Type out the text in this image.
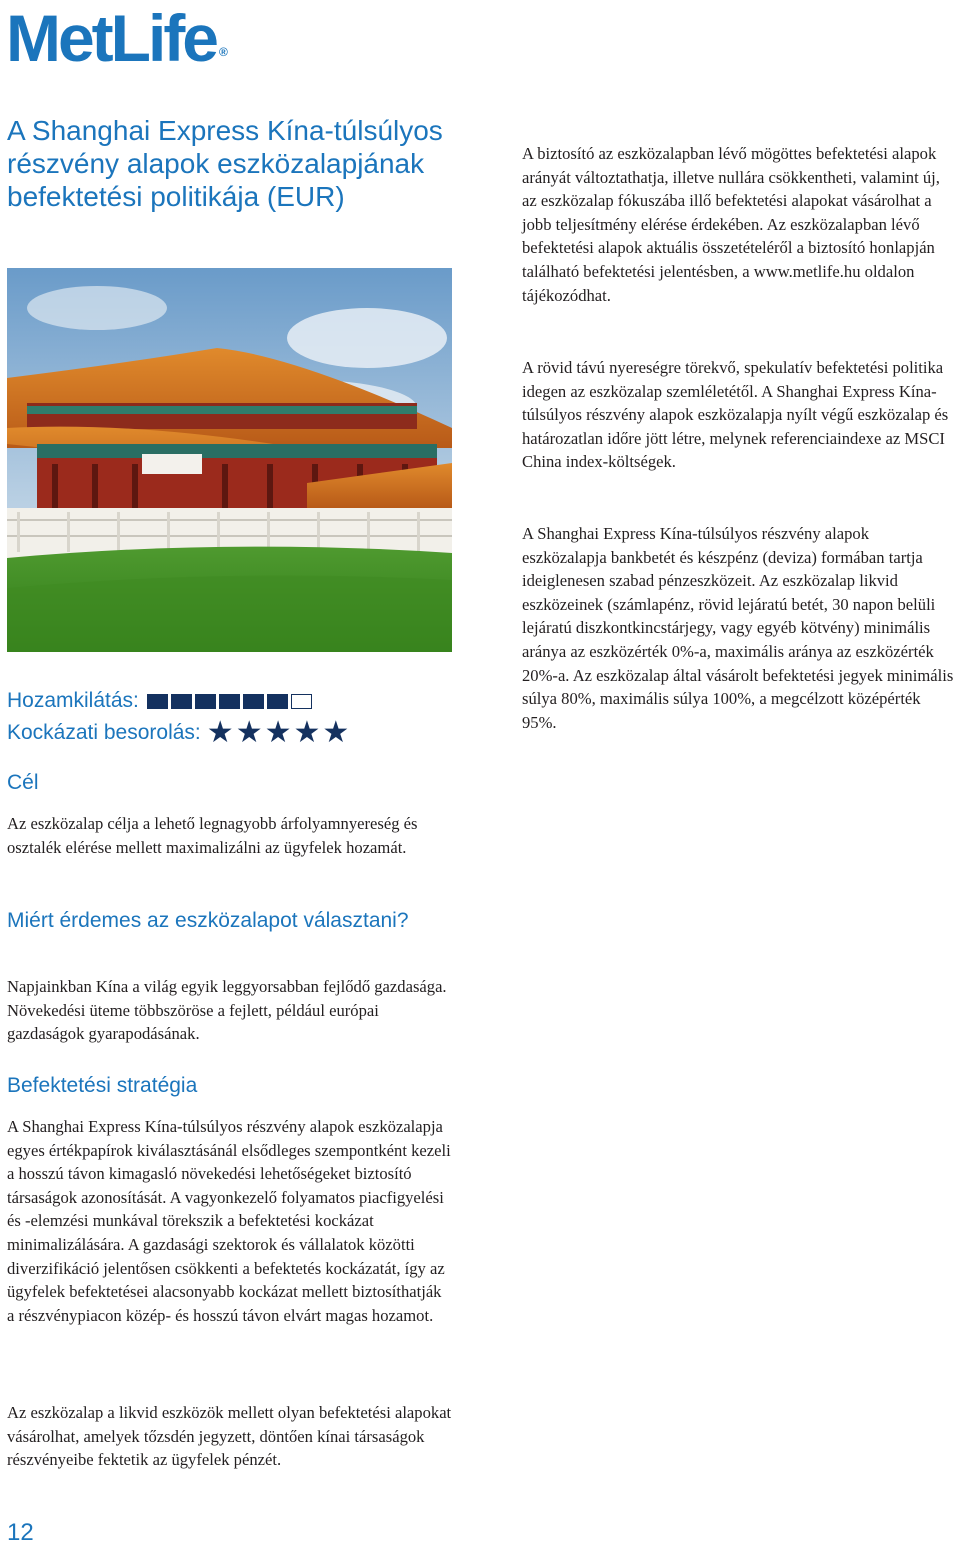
MetLife ®
A Shanghai Express Kína-túlsúlyos részvény alapok eszközalapjának befektetési politikája (EUR)
Hozamkilátás:
Kockázati besorolás: ★ ★ ★ ★ ★
Cél

Az eszközalap célja a lehető legnagyobb árfolyamnyereség és osztalék elérése mellett maximalizálni az ügyfelek hozamát.

Miért érdemes az eszközalapot választani?

Napjainkban Kína a világ egyik leggyorsabban fejlődő gazdasága. Növekedési üteme többszöröse a fejlett, például európai gazdaságok gyarapodásának.

Befektetési stratégia

A Shanghai Express Kína-túlsúlyos részvény alapok eszközalapja egyes értékpapírok kiválasztásánál elsődleges szempontként kezeli a hosszú távon kimagasló növekedési lehetőségeket biztosító társaságok azonosítását. A vagyonkezelő folyamatos piacfigyelési és -elemzési munkával törekszik a befektetési kockázat minimalizálására. A gazdasági szektorok és vállalatok közötti diverzifikáció jelentősen csökkenti a befektetés kockázatát, így az ügyfelek befektetései alacsonyabb kockázat mellett biztosíthatják a részvénypiacon közép- és hosszú távon elvárt magas hozamot.

Az eszközalap a likvid eszközök mellett olyan befektetési alapokat vásárolhat, amelyek tőzsdén jegyzett, döntően kínai társaságok részvényeibe fektetik az ügyfelek pénzét.

A biztosító az eszközalapban lévő mögöttes befektetési alapok arányát változtathatja, illetve nullára csökkentheti, valamint új, az eszközalap fókuszába illő befektetési alapokat vásárolhat a jobb teljesítmény elérése érdekében. Az eszközalapban lévő befektetési alapok aktuális összetételéről a biztosító honlapján található befektetési jelentésben, a www.metlife.hu oldalon tájékozódhat.

A rövid távú nyereségre törekvő, spekulatív befektetési politika idegen az eszközalap szemléletétől. A Shanghai Express Kína-túlsúlyos részvény alapok eszközalapja nyílt végű eszközalap és határozatlan időre jött létre, melynek referenciaindexe az MSCI China index-költségek.

A Shanghai Express Kína-túlsúlyos részvény alapok eszközalapja bankbetét és készpénz (deviza) formában tartja ideiglenesen szabad pénzeszközeit. Az eszközalap likvid eszközeinek (számlapénz, rövid lejáratú betét, 30 napon belüli lejáratú diszkontkincstárjegy, vagy egyéb kötvény) minimális aránya az eszközérték 0%-a, maximális aránya az eszközérték 20%-a. Az eszközalap által vásárolt befektetési jegyek minimális súlya 80%, maximális súlya 100%, a megcélzott középérték 95%.

12
